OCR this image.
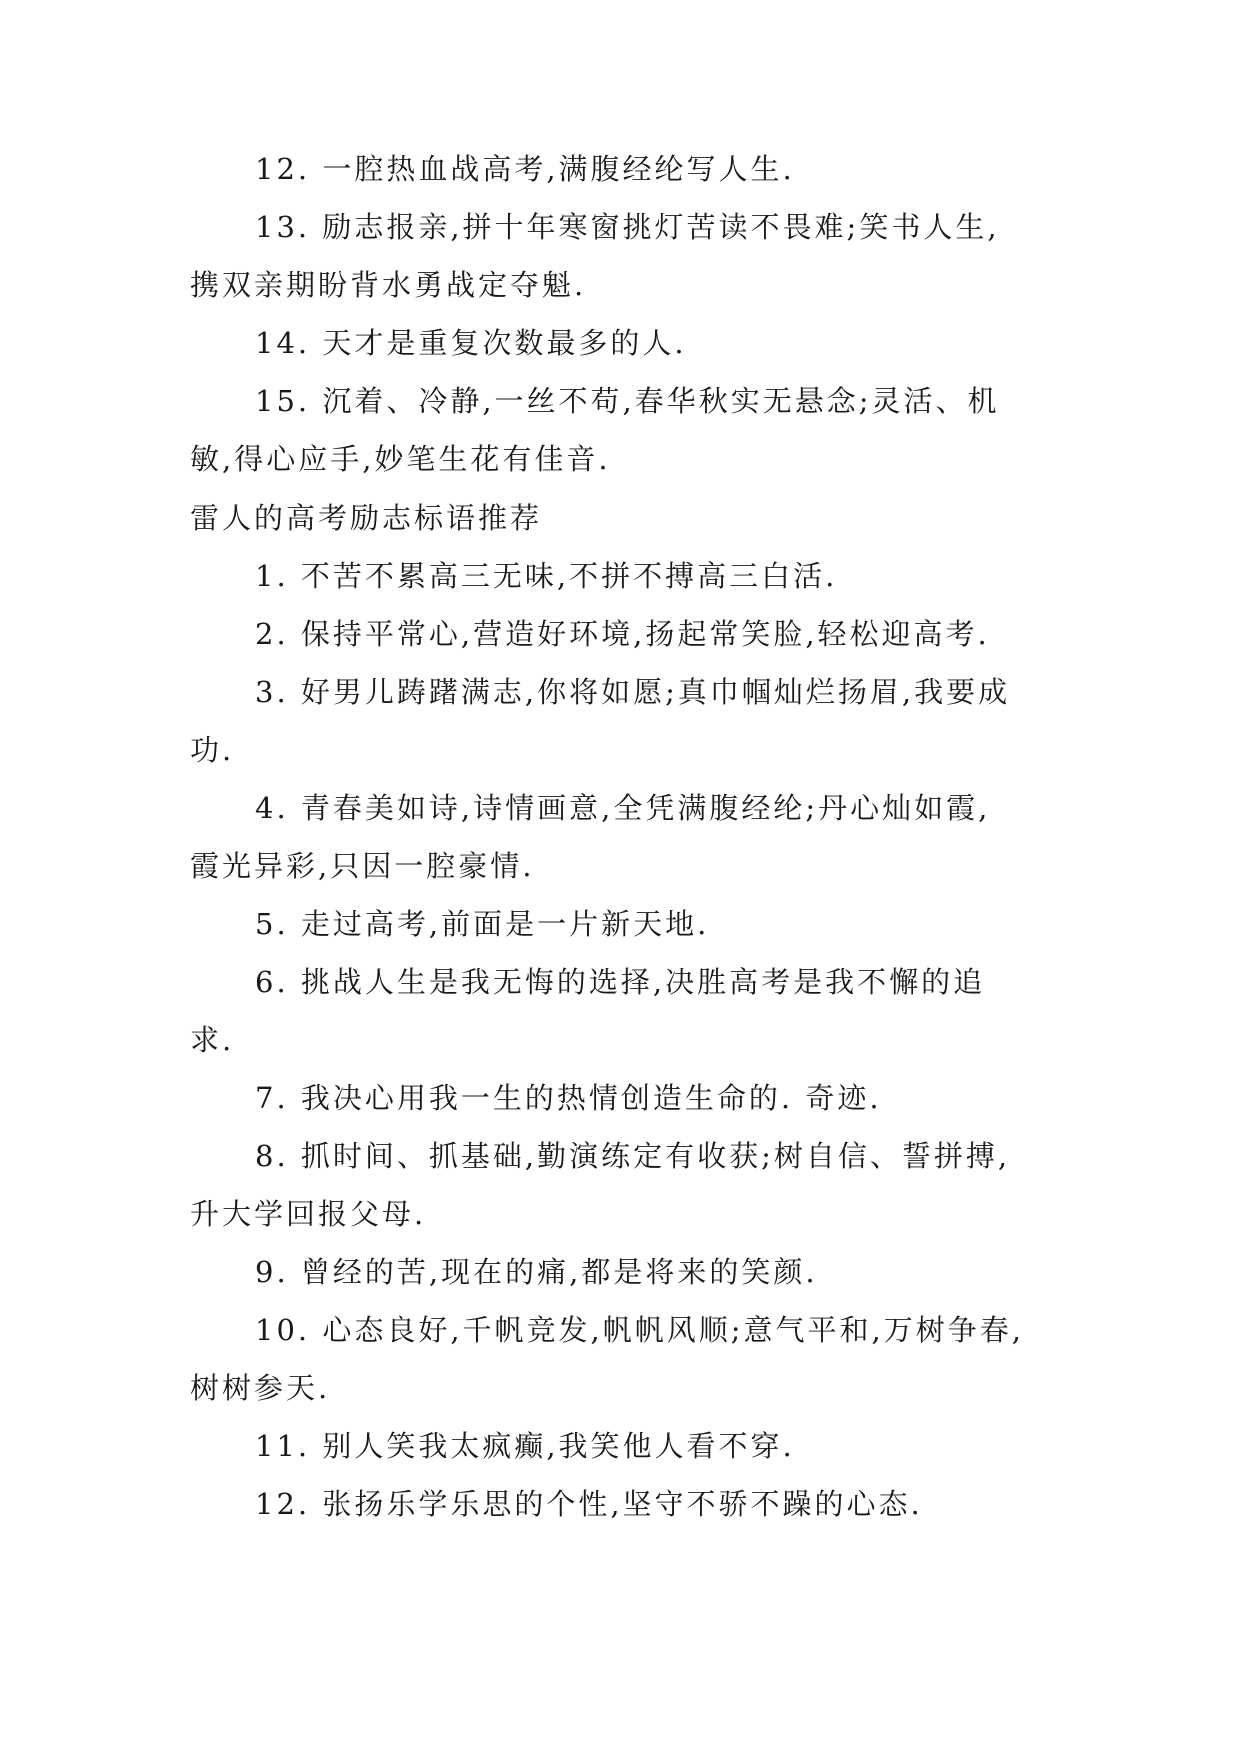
12. 一腔热血战高考,满腹经纶写人生.
13. 励志报亲,拼十年寒窗挑灯苦读不畏难;笑书人生,
携双亲期盼背水勇战定夺魁.
14. 天才是重复次数最多的人.
15. 沉着、冷静,一丝不苟,春华秋实无悬念;灵活、机
敏,得心应手,妙笔生花有佳音.
雷人的高考励志标语推荐
1. 不苦不累高三无味,不拼不搏高三白活.
2. 保持平常心,营造好环境,扬起常笑脸,轻松迎高考.
3. 好男儿踌躇满志,你将如愿;真巾帼灿烂扬眉,我要成
功.
4. 青春美如诗,诗情画意,全凭满腹经纶;丹心灿如霞,
霞光异彩,只因一腔豪情.
5. 走过高考,前面是一片新天地.
6. 挑战人生是我无悔的选择,决胜高考是我不懈的追
求.
7. 我决心用我一生的热情创造生命的. 奇迹.
8. 抓时间、抓基础,勤演练定有收获;树自信、誓拼搏,
升大学回报父母.
9. 曾经的苦,现在的痛,都是将来的笑颜.
10. 心态良好,千帆竞发,帆帆风顺;意气平和,万树争春,
树树参天.
11. 别人笑我太疯癫,我笑他人看不穿.
12. 张扬乐学乐思的个性,坚守不骄不躁的心态.
